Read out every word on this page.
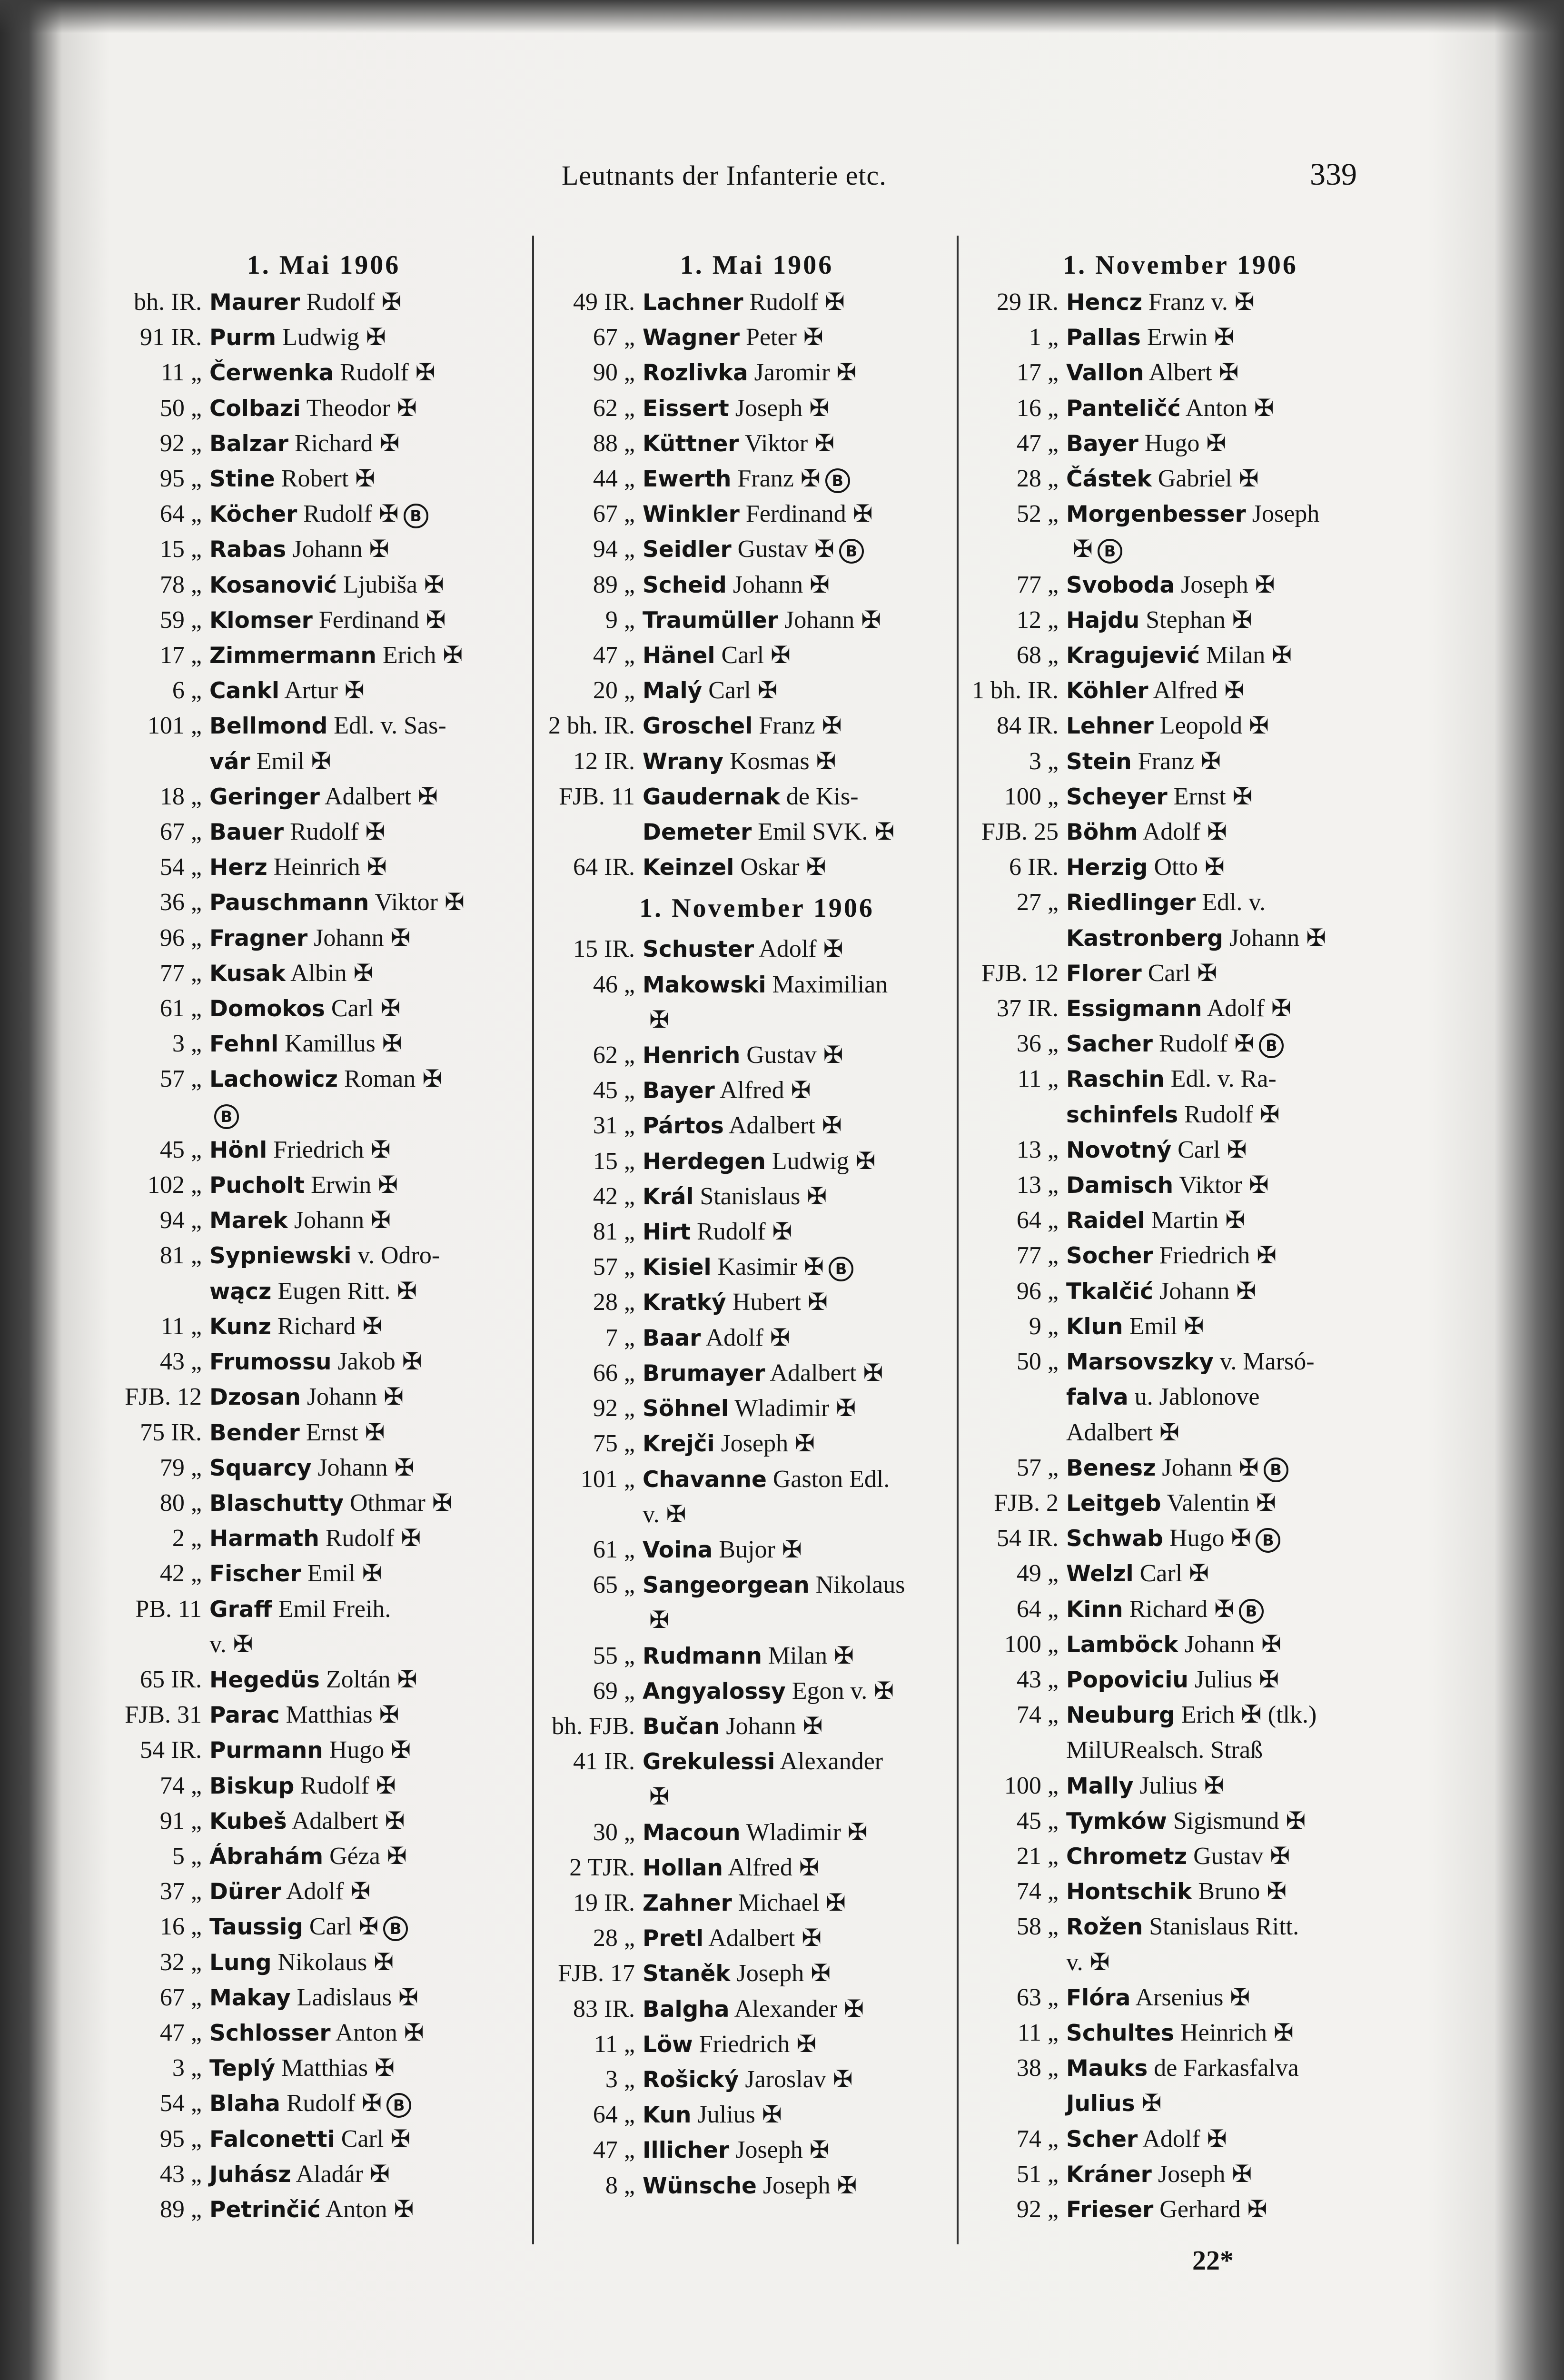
Leutnants der Infanterie etc.	339
1. Mai 1906
bh. IR. Maurer Rudolf ✠
91 IR. Purm Ludwig ✠
11 „ Čerwenka Rudolf ✠
50 „ Colbazi Theodor ✠
92 „ Balzar Richard ✠
95 „ Stine Robert ✠
64 „ Köcher Rudolf ✠ B
15 „ Rabas Johann ✠
78 „ Kosanović Ljubiša ✠
59 „ Klomser Ferdinand ✠
17 „ Zimmermann Erich ✠
6 „ Cankl Artur ✠
101 „ Bellmond Edl. v. Sas-
vár Emil ✠
18 „ Geringer Adalbert ✠
67 „ Bauer Rudolf ✠
54 „ Herz Heinrich ✠
36 „ Pauschmann Viktor ✠
96 „ Fragner Johann ✠
77 „ Kusak Albin ✠
61 „ Domokos Carl ✠
3 „ Fehnl Kamillus ✠
57 „ Lachowicz Roman ✠
B
45 „ Hönl Friedrich ✠
102 „ Pucholt Erwin ✠
94 „ Marek Johann ✠
81 „ Sypniewski v. Odro-
wącz Eugen Ritt. ✠
11 „ Kunz Richard ✠
43 „ Frumossu Jakob ✠
FJB. 12 Dzosan Johann ✠
75 IR. Bender Ernst ✠
79 „ Squarcy Johann ✠
80 „ Blaschutty Othmar ✠
2 „ Harmath Rudolf ✠
42 „ Fischer Emil ✠
PB. 11 Graff Emil Freih.
v. ✠
65 IR. Hegedüs Zoltán ✠
FJB. 31 Parac Matthias ✠
54 IR. Purmann Hugo ✠
74 „ Biskup Rudolf ✠
91 „ Kubeš Adalbert ✠
5 „ Ábrahám Géza ✠
37 „ Dürer Adolf ✠
16 „ Taussig Carl ✠ B
32 „ Lung Nikolaus ✠
67 „ Makay Ladislaus ✠
47 „ Schlosser Anton ✠
3 „ Teplý Matthias ✠
54 „ Blaha Rudolf ✠ B
95 „ Falconetti Carl ✠
43 „ Juhász Aladár ✠
89 „ Petrinčić Anton ✠
1. Mai 1906
49 IR. Lachner Rudolf ✠
67 „ Wagner Peter ✠
90 „ Rozlivka Jaromir ✠
62 „ Eissert Joseph ✠
88 „ Küttner Viktor ✠
44 „ Ewerth Franz ✠ B
67 „ Winkler Ferdinand ✠
94 „ Seidler Gustav ✠ B
89 „ Scheid Johann ✠
9 „ Traumüller Johann ✠
47 „ Hänel Carl ✠
20 „ Malý Carl ✠
2 bh. IR. Groschel Franz ✠
12 IR. Wrany Kosmas ✠
FJB. 11 Gaudernak de Kis-
Demeter Emil SVK. ✠
64 IR. Keinzel Oskar ✠
1. November 1906
15 IR. Schuster Adolf ✠
46 „ Makowski Maximilian
✠
62 „ Henrich Gustav ✠
45 „ Bayer Alfred ✠
31 „ Pártos Adalbert ✠
15 „ Herdegen Ludwig ✠
42 „ Král Stanislaus ✠
81 „ Hirt Rudolf ✠
57 „ Kisiel Kasimir ✠ B
28 „ Kratký Hubert ✠
7 „ Baar Adolf ✠
66 „ Brumayer Adalbert ✠
92 „ Söhnel Wladimir ✠
75 „ Krejči Joseph ✠
101 „ Chavanne Gaston Edl.
v. ✠
61 „ Voina Bujor ✠
65 „ Sangeorgean Nikolaus
✠
55 „ Rudmann Milan ✠
69 „ Angyalossy Egon v. ✠
bh. FJB. Bučan Johann ✠
41 IR. Grekulessi Alexander
✠
30 „ Macoun Wladimir ✠
2 TJR. Hollan Alfred ✠
19 IR. Zahner Michael ✠
28 „ Pretl Adalbert ✠
FJB. 17 Staněk Joseph ✠
83 IR. Balgha Alexander ✠
11 „ Löw Friedrich ✠
3 „ Rošický Jaroslav ✠
64 „ Kun Julius ✠
47 „ Illicher Joseph ✠
8 „ Wünsche Joseph ✠
1. November 1906
29 IR. Hencz Franz v. ✠
1 „ Pallas Erwin ✠
17 „ Vallon Albert ✠
16 „ Panteličć Anton ✠
47 „ Bayer Hugo ✠
28 „ Částek Gabriel ✠
52 „ Morgenbesser Joseph
✠ B
77 „ Svoboda Joseph ✠
12 „ Hajdu Stephan ✠
68 „ Kragujević Milan ✠
1 bh. IR. Köhler Alfred ✠
84 IR. Lehner Leopold ✠
3 „ Stein Franz ✠
100 „ Scheyer Ernst ✠
FJB. 25 Böhm Adolf ✠
6 IR. Herzig Otto ✠
27 „ Riedlinger Edl. v.
Kastronberg Johann ✠
FJB. 12 Florer Carl ✠
37 IR. Essigmann Adolf ✠
36 „ Sacher Rudolf ✠ B
11 „ Raschin Edl. v. Ra-
schinfels Rudolf ✠
13 „ Novotný Carl ✠
13 „ Damisch Viktor ✠
64 „ Raidel Martin ✠
77 „ Socher Friedrich ✠
96 „ Tkalčić Johann ✠
9 „ Klun Emil ✠
50 „ Marsovszky v. Marsó-
falva u. Jablonove
Adalbert ✠
57 „ Benesz Johann ✠ B
FJB. 2 Leitgeb Valentin ✠
54 IR. Schwab Hugo ✠ B
49 „ Welzl Carl ✠
64 „ Kinn Richard ✠ B
100 „ Lamböck Johann ✠
43 „ Popoviciu Julius ✠
74 „ Neuburg Erich ✠ (tlk.)
MilURealsch. Straß
100 „ Mally Julius ✠
45 „ Tymków Sigismund ✠
21 „ Chrometz Gustav ✠
74 „ Hontschik Bruno ✠
58 „ Rožen Stanislaus Ritt.
v. ✠
63 „ Flóra Arsenius ✠
11 „ Schultes Heinrich ✠
38 „ Mauks de Farkasfalva
Julius ✠
74 „ Scher Adolf ✠
51 „ Kráner Joseph ✠
92 „ Frieser Gerhard ✠
22*
